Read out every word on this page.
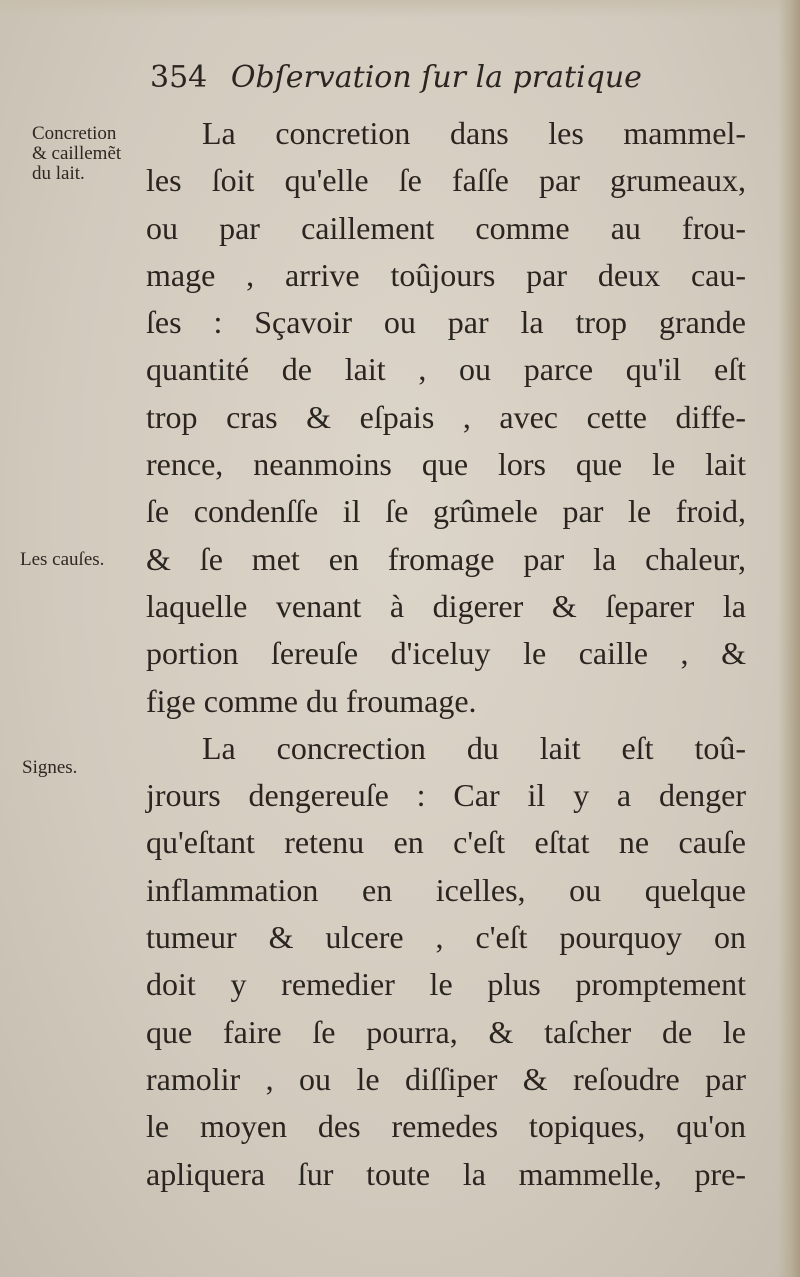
354 Obſervation ſur la pratique
Concretion
& caillemẽt
du lait.
Les cauſes.
Signes.
La concretion dans les mammel-
les ſoit qu'elle ſe faſſe par grumeaux,
ou par caillement comme au frou-
mage , arrive toûjours par deux cau-
ſes : Sçavoir ou par la trop grande
quantité de lait , ou parce qu'il eſt
trop cras & eſpais , avec cette diffe-
rence, neanmoins que lors que le lait
ſe condenſſe il ſe grûmele par le froid,
& ſe met en fromage par la chaleur,
laquelle venant à digerer & ſeparer la
portion ſereuſe d'iceluy le caille , &
fige comme du froumage.
La concrection du lait eſt toû-
jrours dengereuſe : Car il y a denger
qu'eſtant retenu en c'eſt eſtat ne cauſe
inflammation en icelles, ou quelque
tumeur & ulcere , c'eſt pourquoy on
doit y remedier le plus promptement
que faire ſe pourra, & taſcher de le
ramolir , ou le diſſiper & reſoudre par
le moyen des remedes topiques, qu'on
apliquera ſur toute la mammelle, pre-
